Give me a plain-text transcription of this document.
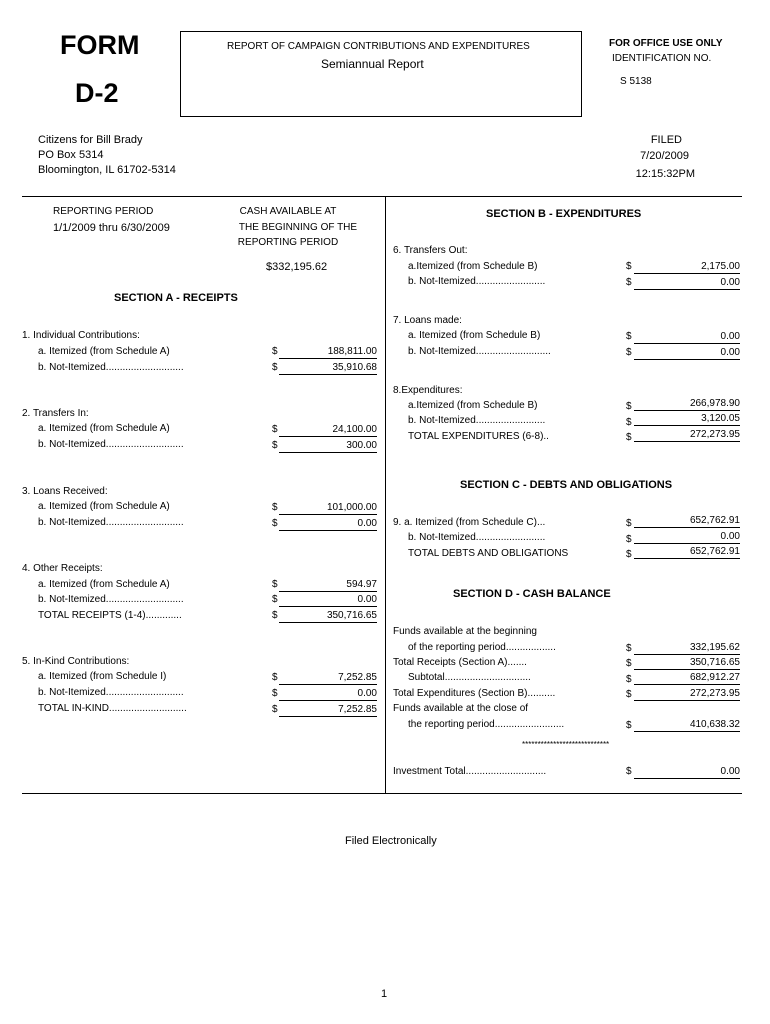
FORM
D-2
REPORT OF CAMPAIGN CONTRIBUTIONS AND EXPENDITURES
Semiannual Report
FOR OFFICE USE ONLY
IDENTIFICATION NO.
S 5138
Citizens for Bill Brady
PO Box 5314
Bloomington, IL 61702-5314
FILED
7/20/2009
12:15:32PM
REPORTING PERIOD
1/1/2009 thru 6/30/2009
CASH AVAILABLE AT
THE BEGINNING OF THE
REPORTING PERIOD
$332,195.62
SECTION A - RECEIPTS
1. Individual Contributions:
a. Itemized (from Schedule A)	$	188,811.00
b. Not-Itemized............................	$	35,910.68
2. Transfers In:
a. Itemized (from Schedule A)	$	24,100.00
b. Not-Itemized............................	$	300.00
3. Loans Received:
a. Itemized (from Schedule A)	$	101,000.00
b. Not-Itemized............................	$	0.00
4. Other Receipts:
a. Itemized (from Schedule A)	$	594.97
b. Not-Itemized............................	$	0.00
TOTAL RECEIPTS (1-4).............	$	350,716.65
5. In-Kind Contributions:
a. Itemized (from Schedule I)	$	7,252.85
b. Not-Itemized............................	$	0.00
TOTAL IN-KIND............................	$	7,252.85
SECTION B - EXPENDITURES
6. Transfers Out:
a.Itemized (from Schedule B)	$	2,175.00
b. Not-Itemized.........................	$	0.00
7. Loans made:
a. Itemized (from Schedule B)	$	0.00
b. Not-Itemized...........................	$	0.00
8.Expenditures:
a.Itemized (from Schedule B)	$	266,978.90
b. Not-Itemized.........................	$	3,120.05
TOTAL EXPENDITURES (6-8)..	$	272,273.95
SECTION C - DEBTS AND OBLIGATIONS
9. a. Itemized (from Schedule C)...	$	652,762.91
b. Not-Itemized.........................	$	0.00
TOTAL DEBTS AND OBLIGATIONS	$	652,762.91
SECTION D - CASH BALANCE
Funds available at the beginning
of the reporting period..................	$	332,195.62
Total Receipts (Section A).......	$	350,716.65
Subtotal...............................	$	682,912.27
Total Expenditures (Section B)..........	$	272,273.95
Funds available at the close of
the reporting period.........................	$	410,638.32
****************************
Investment Total.............................	$	0.00
Filed Electronically
1
